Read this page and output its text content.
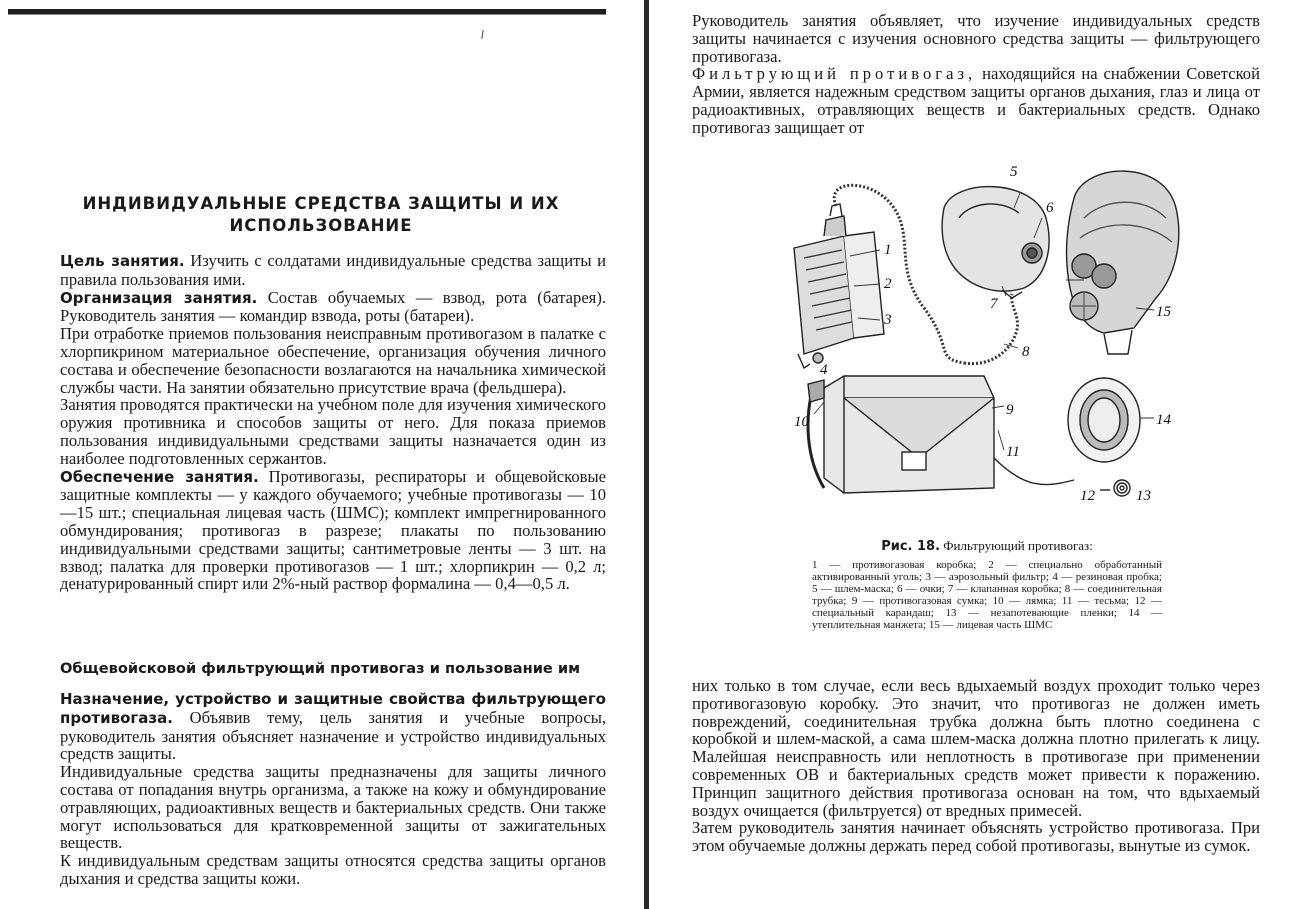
ИНДИВИДУАЛЬНЫЕ СРЕДСТВА ЗАЩИТЫ И ИХ
ИСПОЛЬЗОВАНИЕ

Цель занятия. Изучить с солдатами индивидуальные средства защиты и правила пользования ими.

Организация занятия. Состав обучаемых — взвод, рота (батарея). Руководитель занятия — командир взвода, роты (батареи).

При отработке приемов пользования неисправным противогазом в палатке с хлорпикрином материальное обеспечение, организация обучения личного состава и обеспечение безопасности возлагаются на начальника химической службы части. На занятии обязательно присутствие врача (фельдшера).

Занятия проводятся практически на учебном поле для изучения химического оружия противника и способов защиты от него. Для показа приемов пользования индивидуальными средствами защиты назначается один из наиболее подготовленных сержантов.

Обеспечение занятия. Противогазы, респираторы и общевойсковые защитные комплекты — у каждого обучаемого; учебные противогазы — 10—15 шт.; специальная лицевая часть (ШМС); комплект импрегнированного обмундирования; противогаз в разрезе; плакаты по пользованию индивидуальными средствами защиты; сантиметровые ленты — 3 шт. на взвод; палатка для проверки противогазов — 1 шт.; хлорпикрин — 0,2 л; денатурированный спирт или 2%-ный раствор формалина — 0,4—0,5 л.

Общевойсковой фильтрующий противогаз и пользование им

Назначение, устройство и защитные свойства фильтрующего противогаза. Объявив тему, цель занятия и учебные вопросы, руководитель занятия объясняет назначение и устройство индивидуальных средств защиты.

Индивидуальные средства защиты предназначены для защиты личного состава от попадания внутрь организма, а также на кожу и обмундирование отравляющих, радиоактивных веществ и бактериальных средств. Они также могут использоваться для кратковременной защиты от зажигательных веществ.

К индивидуальным средствам защиты относятся средства защиты органов дыхания и средства защиты кожи.

Руководитель занятия объявляет, что изучение индивидуальных средств защиты начинается с изучения основного средства защиты — фильтрующего противогаза.

Фильтрующий противогаз, находящийся на снабжении Советской Армии, является надежным средством защиты органов дыхания, глаз и лица от радиоактивных, отравляющих веществ и бактериальных средств. Однако противогаз защищает от

1
2
3
4
5
6
7
8
9
10
11
12	13
14
15
Рис. 18. Фильтрующий противогаз:
1 — противогазовая коробка; 2 — специально обработанный активированный уголь; 3 — аэрозольный фильтр; 4 — резиновая пробка; 5 — шлем-маска; 6 — очки; 7 — клапанная коробка; 8 — соединительная трубка; 9 — противогазовая сумка; 10 — лямка; 11 — тесьма; 12 — специальный карандаш; 13 — незапотевающие пленки; 14 — утеплительная манжета; 15 — лицевая часть ШМС

них только в том случае, если весь вдыхаемый воздух проходит только через противогазовую коробку. Это значит, что противогаз не должен иметь повреждений, соединительная трубка должна быть плотно соединена с коробкой и шлем-маской, а сама шлем-маска должна плотно прилегать к лицу. Малейшая неисправность или неплотность в противогазе при применении современных ОВ и бактериальных средств может привести к поражению. Принцип защитного действия противогаза основан на том, что вдыхаемый воздух очищается (фильтруется) от вредных примесей.

Затем руководитель занятия начинает объяснять устройство противогаза. При этом обучаемые должны держать перед собой противогазы, вынутые из сумок.
